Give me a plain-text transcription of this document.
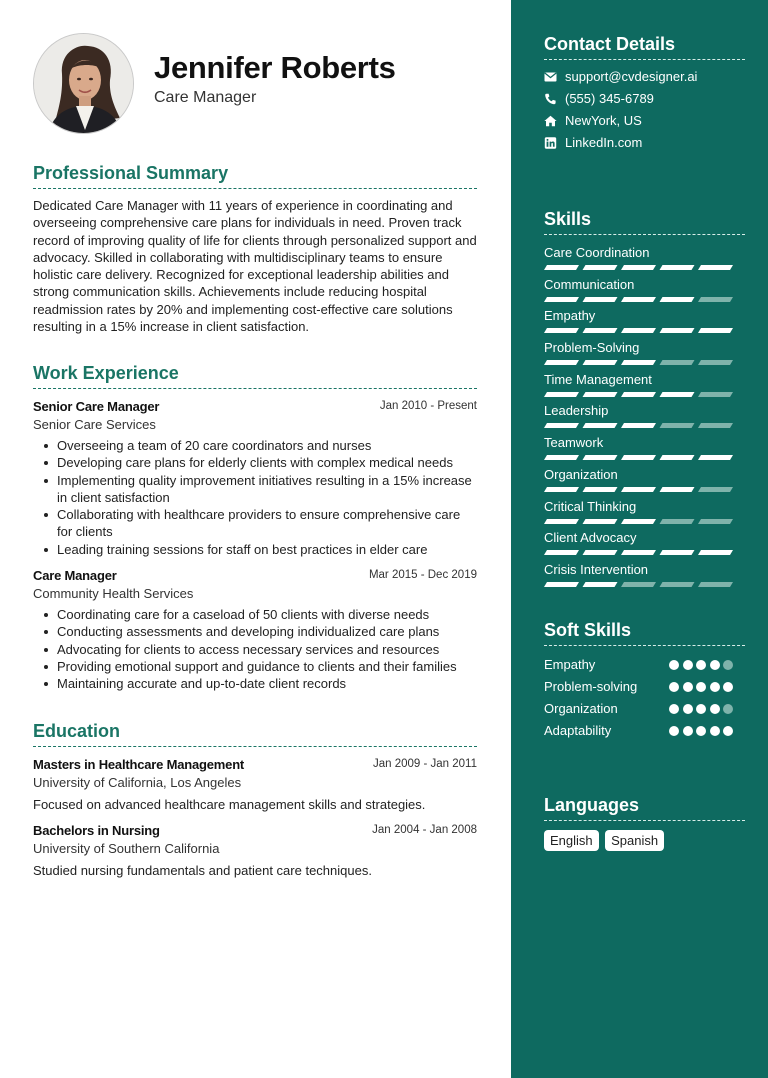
Jennifer Roberts
Care Manager
Professional Summary
Dedicated Care Manager with 11 years of experience in coordinating and overseeing comprehensive care plans for individuals in need. Proven track record of improving quality of life for clients through personalized support and advocacy. Skilled in collaborating with multidisciplinary teams to ensure holistic care delivery. Recognized for exceptional leadership abilities and strong communication skills. Achievements include reducing hospital readmission rates by 20% and implementing cost-effective care solutions resulting in a 15% increase in client satisfaction.
Work Experience
Senior Care Manager	Jan 2010 - Present
Senior Care Services
Overseeing a team of 20 care coordinators and nurses
Developing care plans for elderly clients with complex medical needs
Implementing quality improvement initiatives resulting in a 15% increase in client satisfaction
Collaborating with healthcare providers to ensure comprehensive care for clients
Leading training sessions for staff on best practices in elder care
Care Manager	Mar 2015 - Dec 2019
Community Health Services
Coordinating care for a caseload of 50 clients with diverse needs
Conducting assessments and developing individualized care plans
Advocating for clients to access necessary services and resources
Providing emotional support and guidance to clients and their families
Maintaining accurate and up-to-date client records
Education
Masters in Healthcare Management	Jan 2009 - Jan 2011
University of California, Los Angeles
Focused on advanced healthcare management skills and strategies.
Bachelors in Nursing	Jan 2004 - Jan 2008
University of Southern California
Studied nursing fundamentals and patient care techniques.
Contact Details
support@cvdesigner.ai
(555) 345-6789
NewYork, US
LinkedIn.com
Skills
Care Coordination
Communication
Empathy
Problem-Solving
Time Management
Leadership
Teamwork
Organization
Critical Thinking
Client Advocacy
Crisis Intervention
Soft Skills
Empathy
Problem-solving
Organization
Adaptability
Languages
English Spanish
